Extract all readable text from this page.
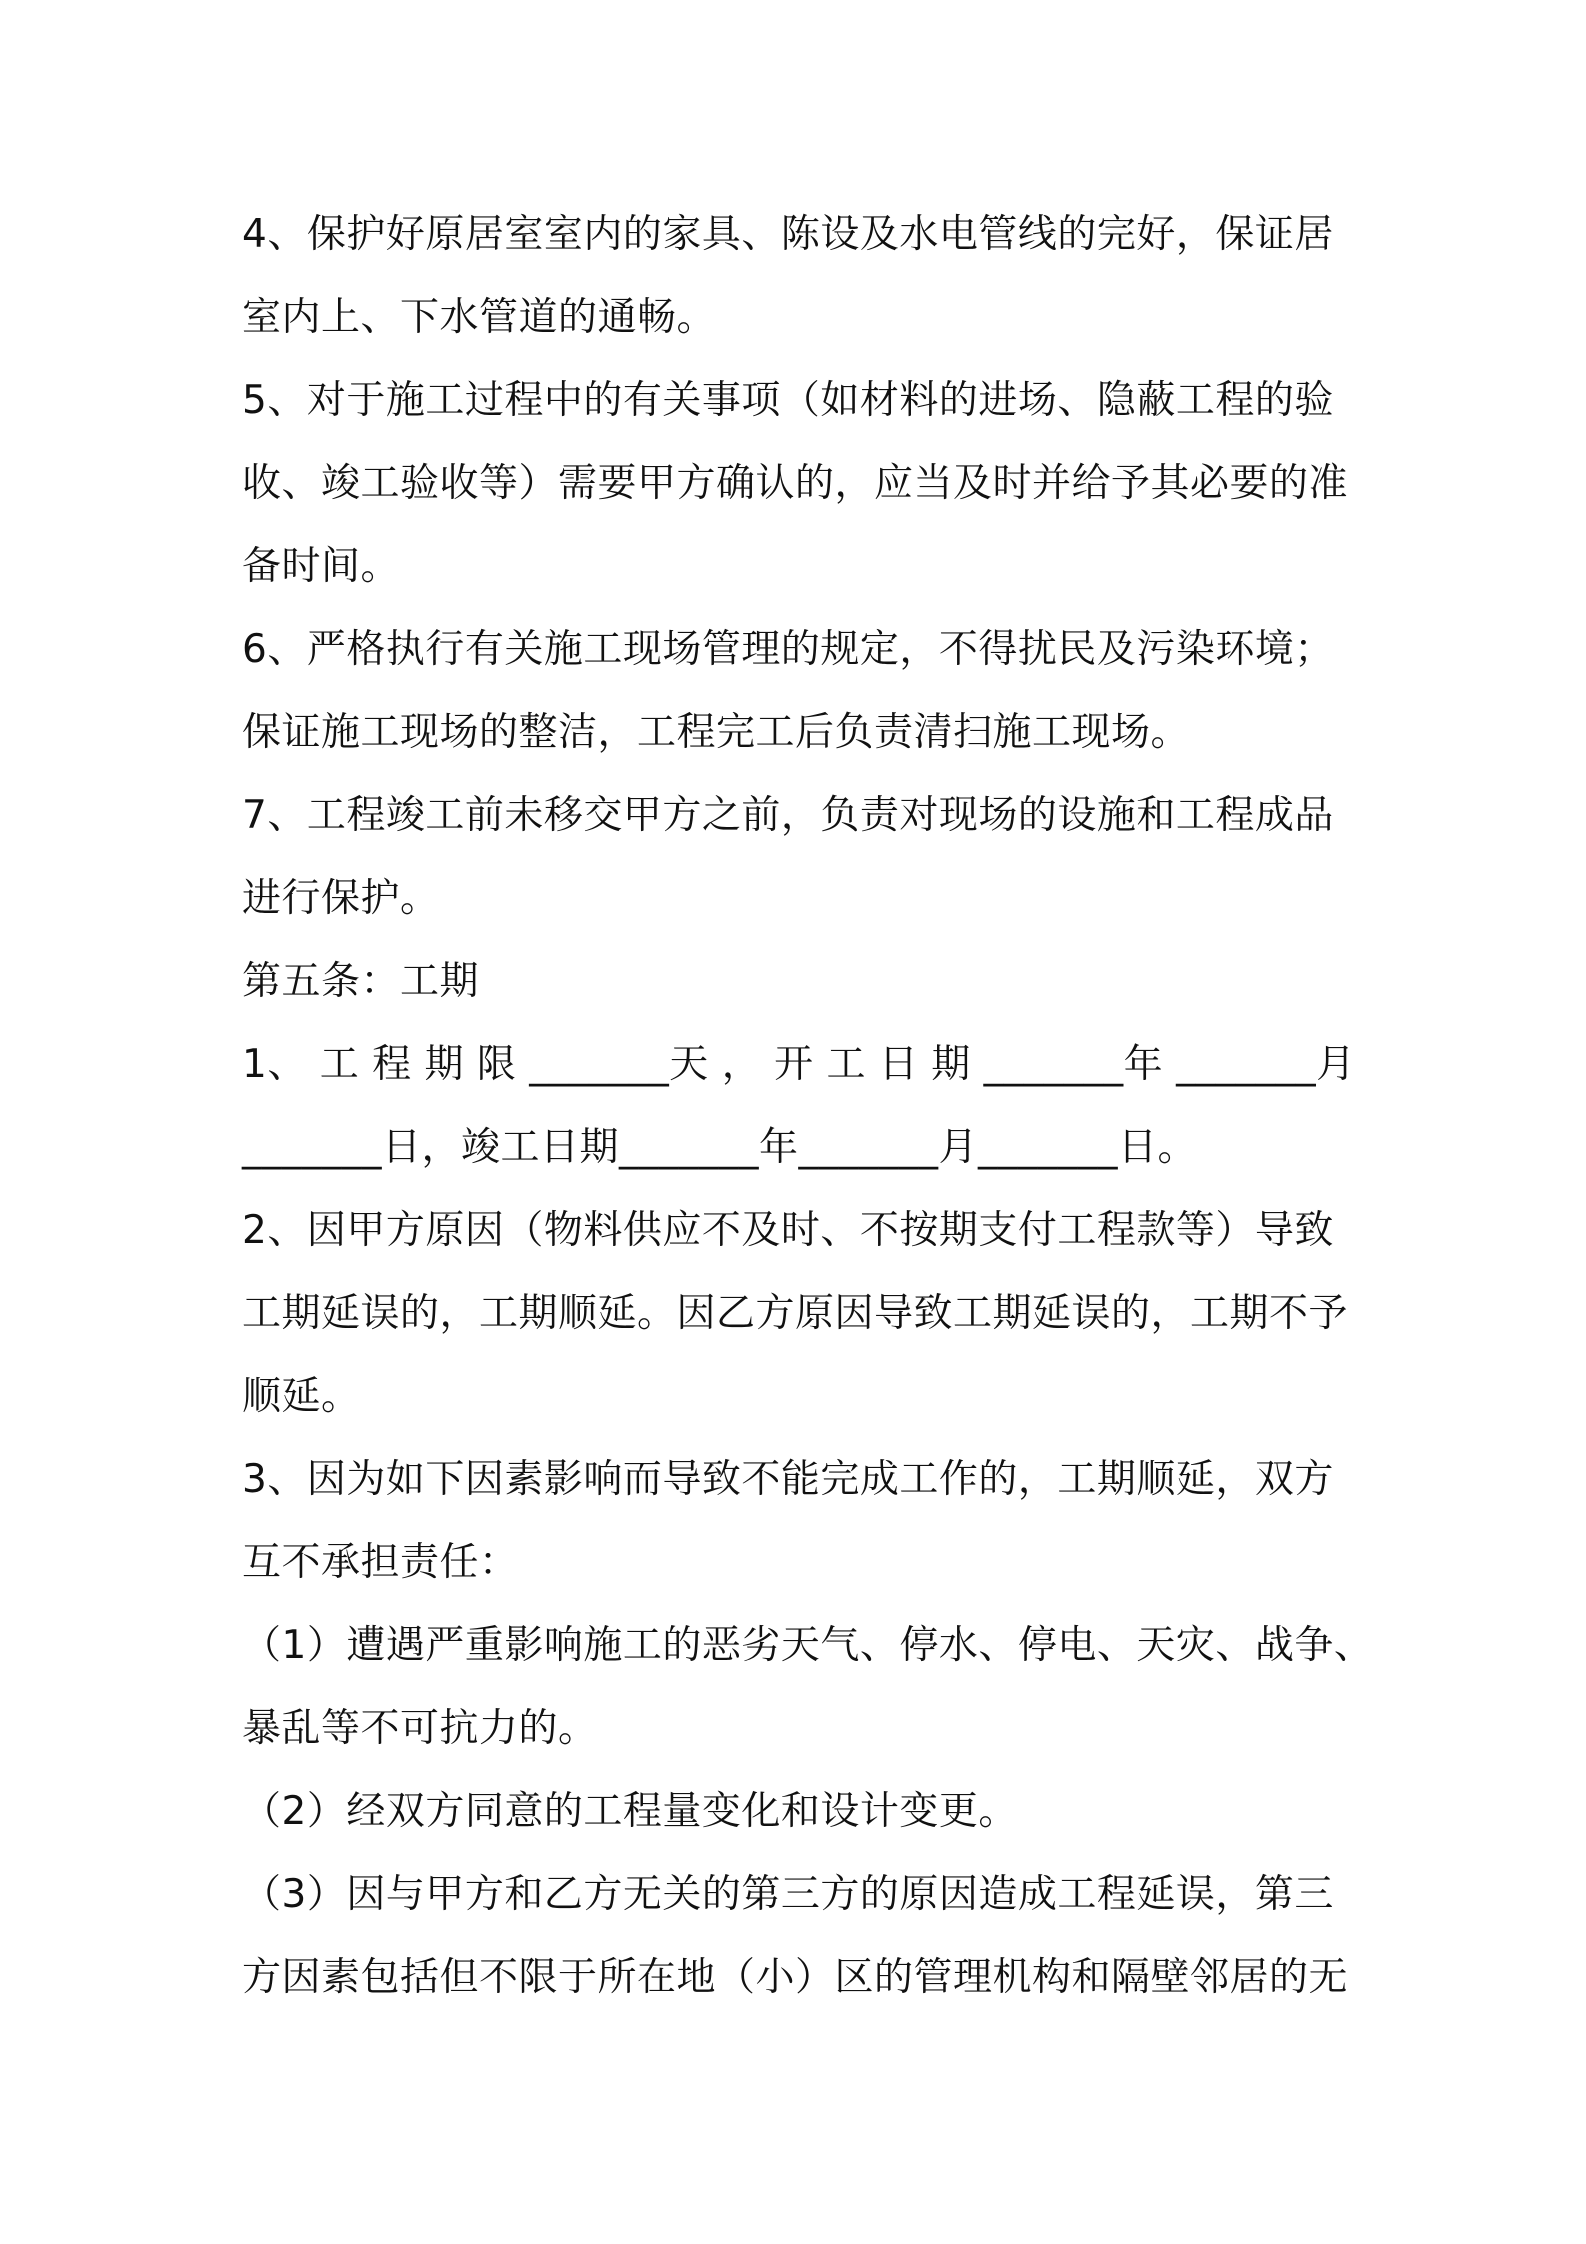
4、保护好原居室室内的家具、陈设及水电管线的完好，保证居
室内上、下水管道的通畅。
5、对于施工过程中的有关事项（如材料的进场、隐蔽工程的验
收、竣工验收等）需要甲方确认的，应当及时并给予其必要的准
备时间。
6、严格执行有关施工现场管理的规定，不得扰民及污染环境；
保证施工现场的整洁，工程完工后负责清扫施工现场。
7、工程竣工前未移交甲方之前，负责对现场的设施和工程成品
进行保护。
第五条：工期
1、 工 程 期 限 _______天 ， 开 工 日 期 _______年 _______月
_______日，竣工日期_______年_______月_______日。
2、因甲方原因（物料供应不及时、不按期支付工程款等）导致
工期延误的，工期顺延。因乙方原因导致工期延误的，工期不予
顺延。
3、因为如下因素影响而导致不能完成工作的，工期顺延，双方
互不承担责任：
（1）遭遇严重影响施工的恶劣天气、停水、停电、天灾、战争、
暴乱等不可抗力的。
（2）经双方同意的工程量变化和设计变更。
（3）因与甲方和乙方无关的第三方的原因造成工程延误，第三
方因素包括但不限于所在地（小）区的管理机构和隔壁邻居的无
